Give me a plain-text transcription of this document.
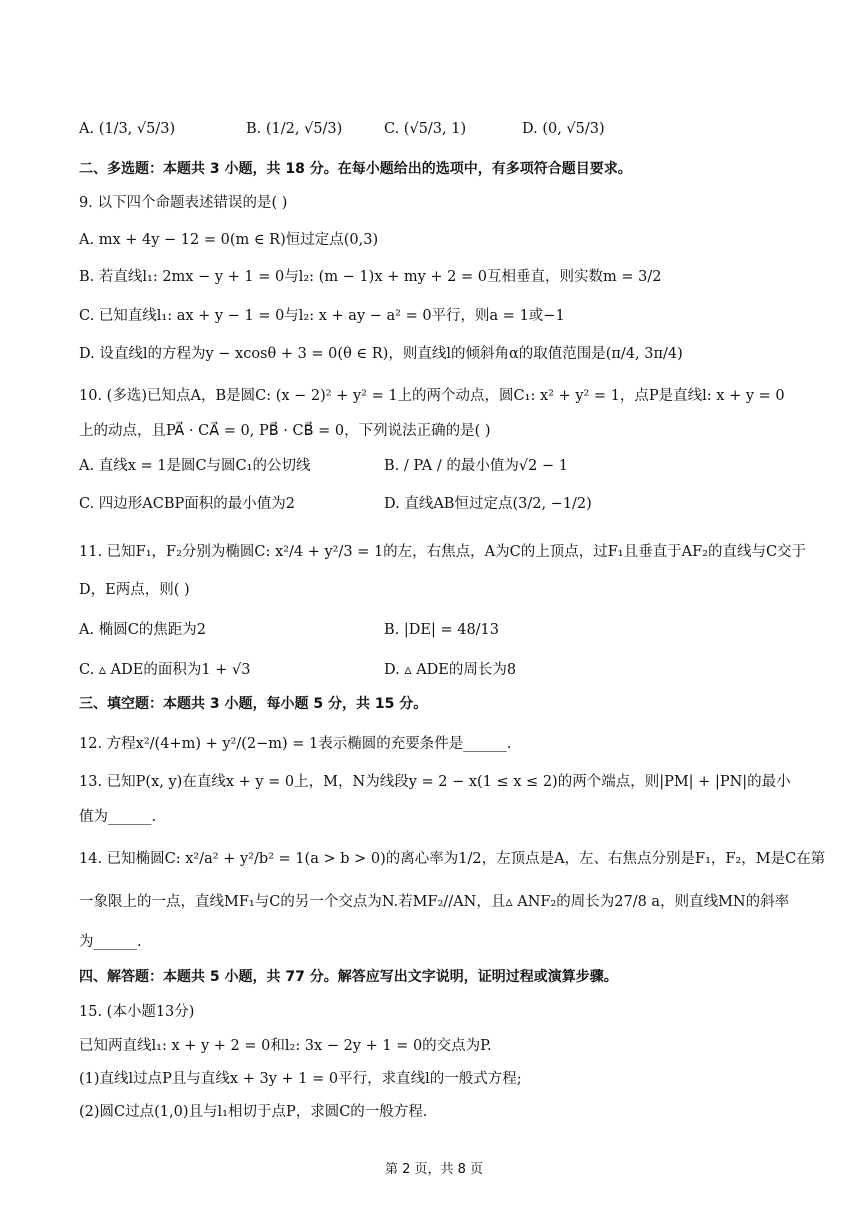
A. (1/3, √5/3)	B. (1/2, √5/3)	C. (√5/3, 1)	D. (0, √5/3)
二、多选题：本题共 3 小题，共 18 分。在每小题给出的选项中，有多项符合题目要求。
9. 以下四个命题表述错误的是( )
A. mx + 4y − 12 = 0(m ∈ R)恒过定点(0,3)
B. 若直线l₁: 2mx − y + 1 = 0与l₂: (m − 1)x + my + 2 = 0互相垂直，则实数m = 3/2
C. 已知直线l₁: ax + y − 1 = 0与l₂: x + ay − a² = 0平行，则a = 1或−1
D. 设直线l的方程为y − xcosθ + 3 = 0(θ ∈ R)，则直线l的倾斜角α的取值范围是(π/4, 3π/4)
10. (多选)已知点A，B是圆C: (x − 2)² + y² = 1上的两个动点，圆C₁: x² + y² = 1，点P是直线l: x + y = 0
上的动点，且PA⃗ · CA⃗ = 0, PB⃗ · CB⃗ = 0，下列说法正确的是( )
A. 直线x = 1是圆C与圆C₁的公切线	B. / PA / 的最小值为√2 − 1
C. 四边形ACBP面积的最小值为2	D. 直线AB恒过定点(3/2, −1/2)
11. 已知F₁，F₂分别为椭圆C: x²/4 + y²/3 = 1的左，右焦点，A为C的上顶点，过F₁且垂直于AF₂的直线与C交于
D，E两点，则( )
A. 椭圆C的焦距为2	B. |DE| = 48/13
C. ▵ ADE的面积为1 + √3	D. ▵ ADE的周长为8
三、填空题：本题共 3 小题，每小题 5 分，共 15 分。
12. 方程x²/(4+m) + y²/(2−m) = 1表示椭圆的充要条件是______.
13. 已知P(x, y)在直线x + y = 0上，M，N为线段y = 2 − x(1 ≤ x ≤ 2)的两个端点，则|PM| + |PN|的最小
值为______.
14. 已知椭圆C: x²/a² + y²/b² = 1(a > b > 0)的离心率为1/2，左顶点是A，左、右焦点分别是F₁，F₂，M是C在第
一象限上的一点，直线MF₁与C的另一个交点为N.若MF₂//AN，且▵ ANF₂的周长为27/8 a，则直线MN的斜率
为______.
四、解答题：本题共 5 小题，共 77 分。解答应写出文字说明，证明过程或演算步骤。
15. (本小题13分)
已知两直线l₁: x + y + 2 = 0和l₂: 3x − 2y + 1 = 0的交点为P.
(1)直线l过点P且与直线x + 3y + 1 = 0平行，求直线l的一般式方程;
(2)圆C过点(1,0)且与l₁相切于点P，求圆C的一般方程.
第 2 页，共 8 页
